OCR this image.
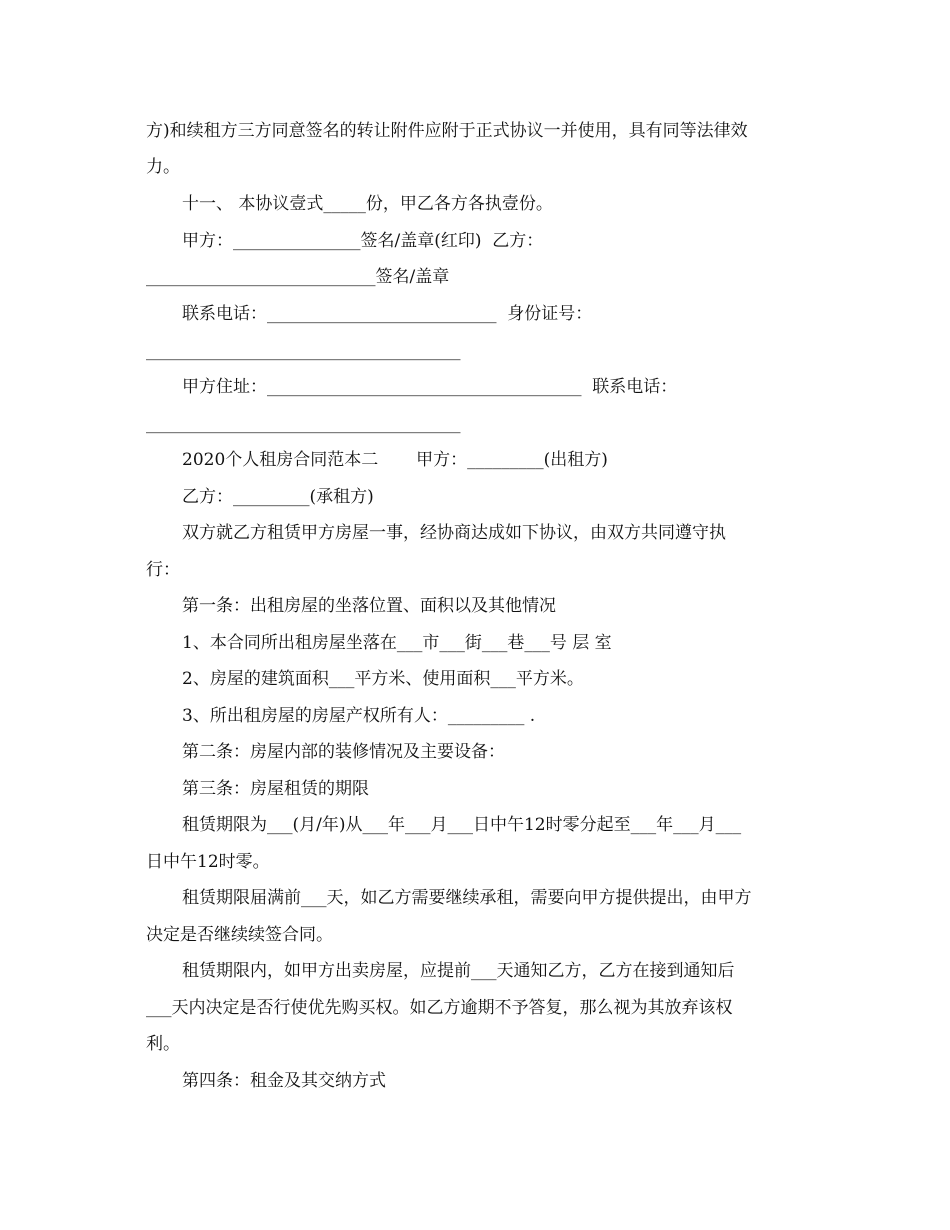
方)和续租方三方同意签名的转让附件应附于正式协议一并使用，具有同等法律效
力。
十一、 本协议壹式_____份，甲乙各方各执壹份。
甲方：_______________签名/盖章(红印)  乙方：
___________________________签名/盖章
联系电话：___________________________  身份证号：
_____________________________________
甲方住址：_____________________________________  联系电话：
_____________________________________
2020个人租房合同范本二       甲方：_________(出租方)
乙方：_________(承租方)
双方就乙方租赁甲方房屋一事，经协商达成如下协议，由双方共同遵守执
行：
第一条：出租房屋的坐落位置、面积以及其他情况
1、本合同所出租房屋坐落在___市___街___巷___号 层 室
2、房屋的建筑面积___平方米、使用面积___平方米。
3、所出租房屋的房屋产权所有人：_________ .
第二条：房屋内部的装修情况及主要设备：
第三条：房屋租赁的期限
租赁期限为___(月/年)从___年___月___日中午12时零分起至___年___月___
日中午12时零。
租赁期限届满前___天，如乙方需要继续承租，需要向甲方提供提出，由甲方
决定是否继续续签合同。
租赁期限内，如甲方出卖房屋，应提前___天通知乙方，乙方在接到通知后
___天内决定是否行使优先购买权。如乙方逾期不予答复，那么视为其放弃该权
利。
第四条：租金及其交纳方式
